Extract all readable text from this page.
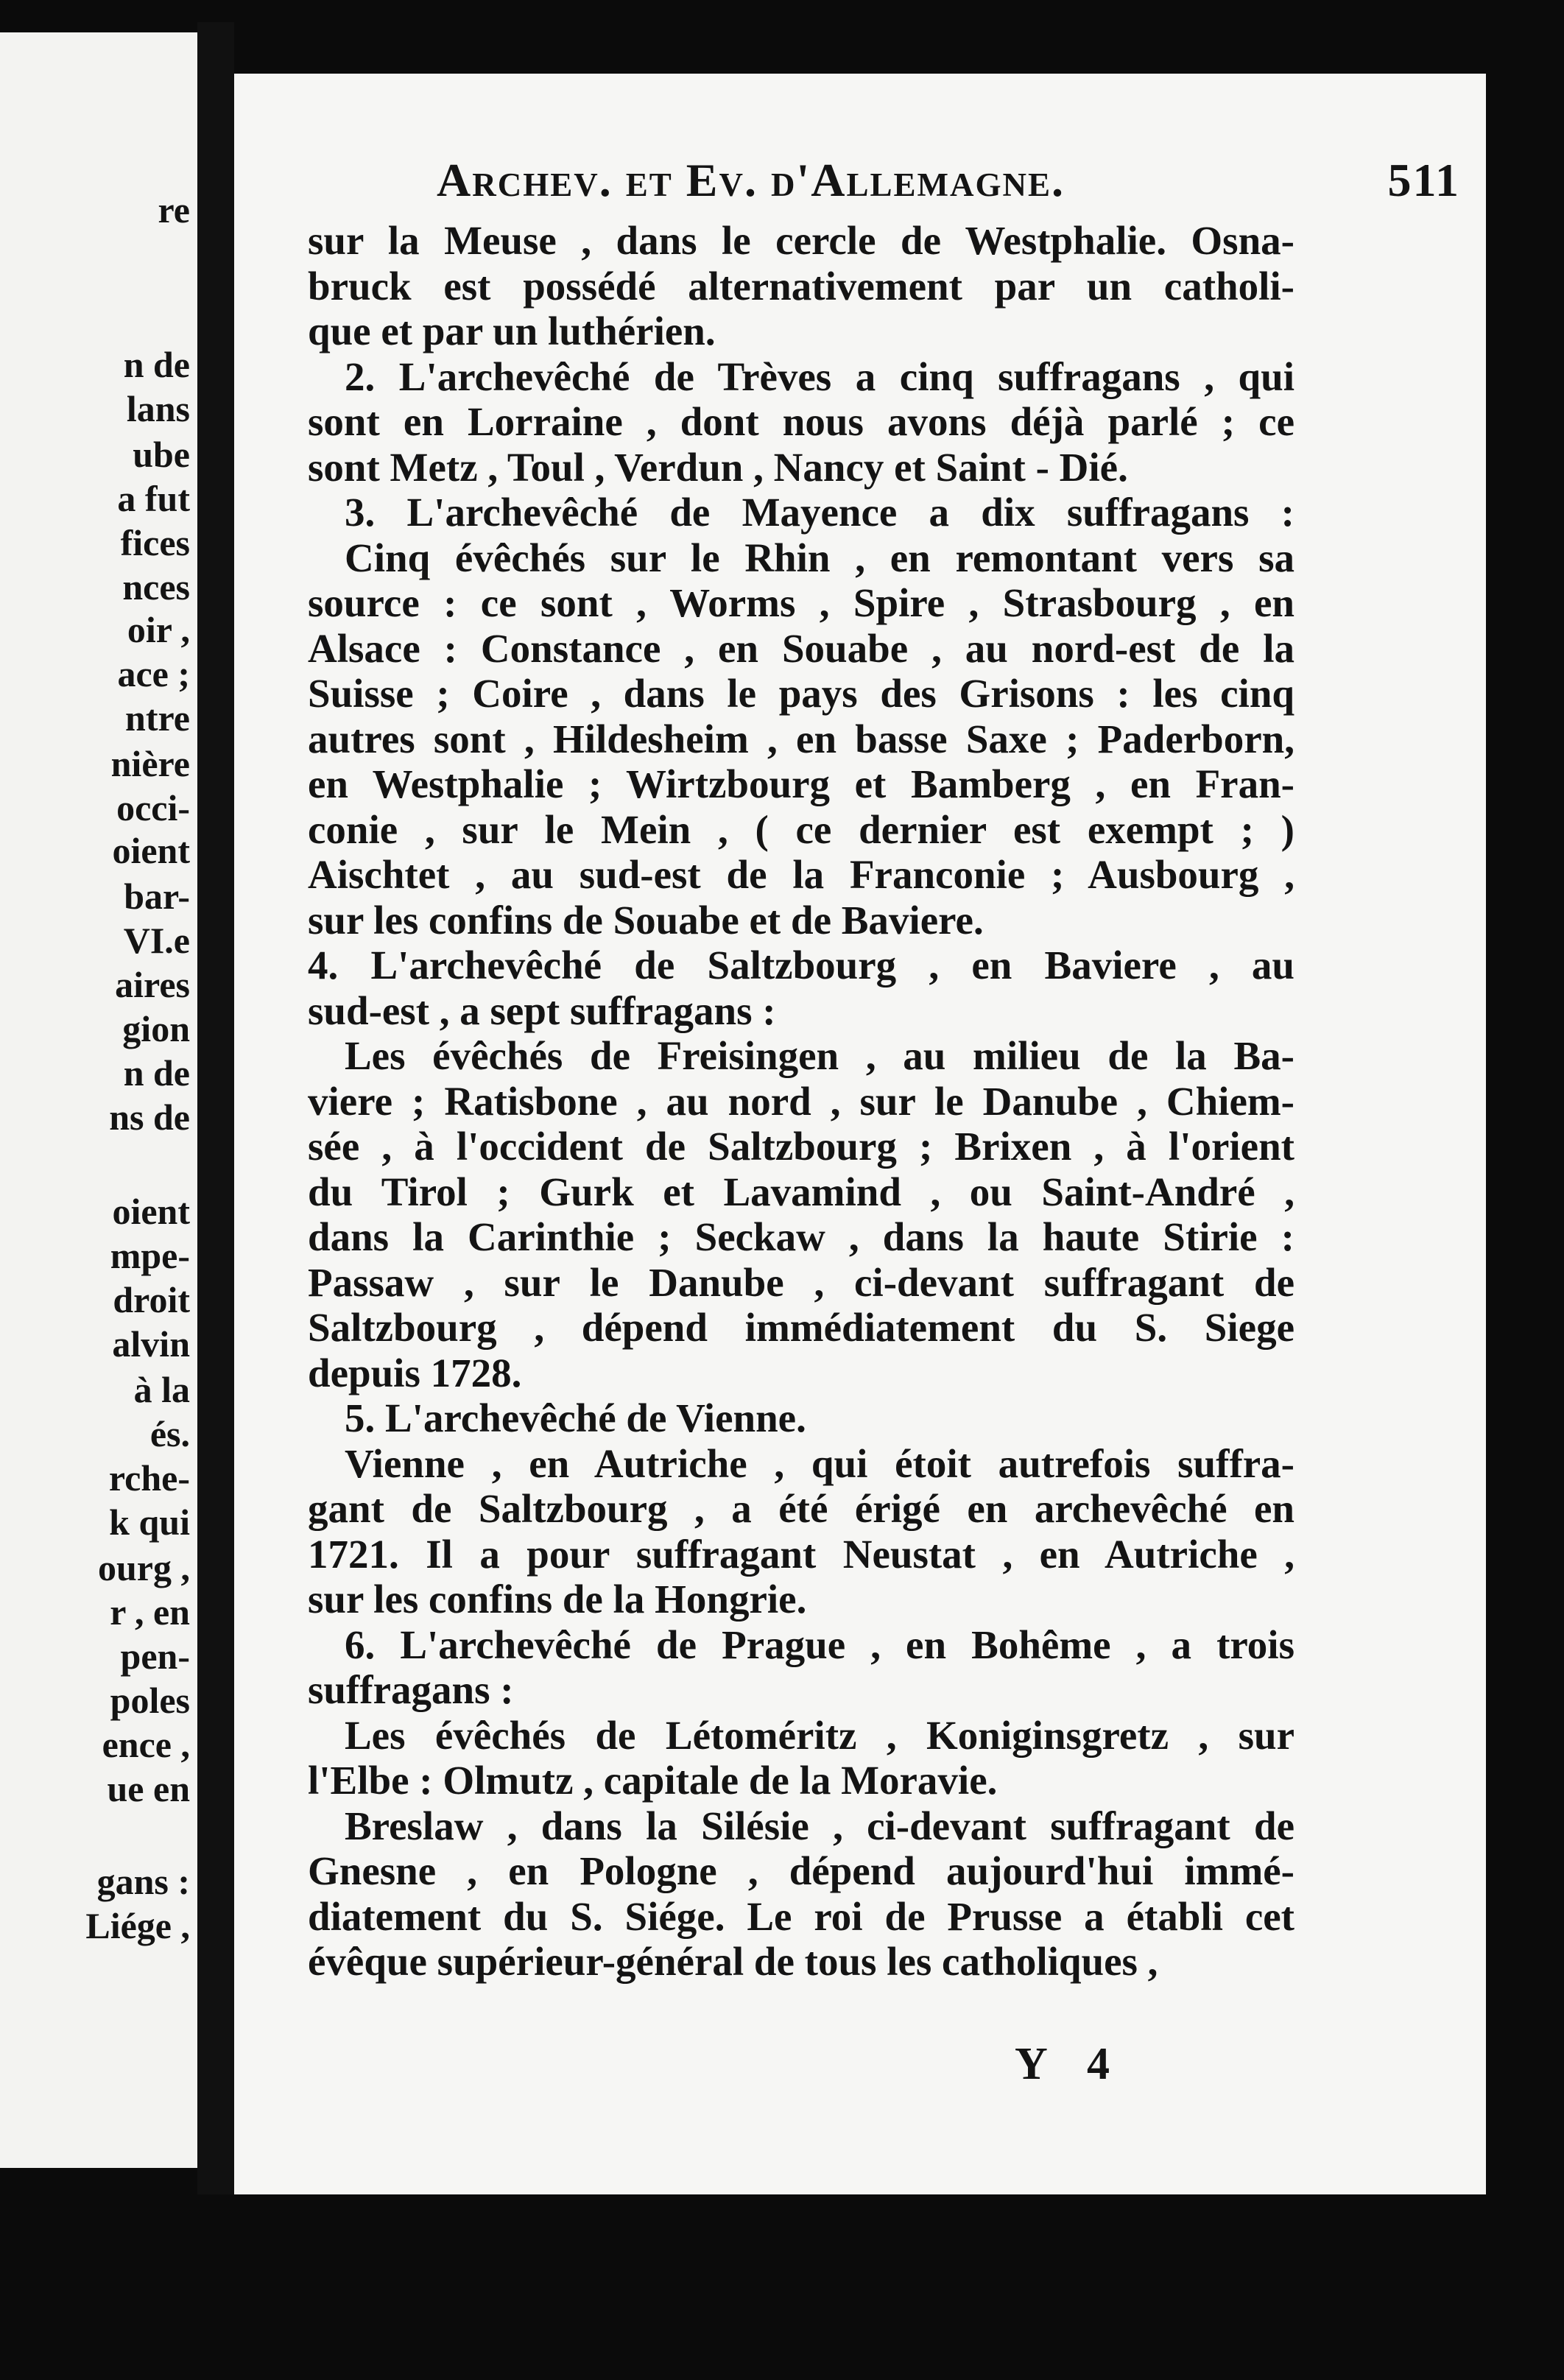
re
n de
lans
ube
a fut
fices
nces
oir ,
ace ;
ntre
nière
occi-
oient
bar-
VI.e
aires
gion
n de
ns de
oient
mpe-
droit
alvin
à la
és.
rche-
k qui
ourg ,
r , en
pen-
poles
ence ,
ue en
gans :
Liége ,
Archev. et Ev. d'Allemagne.	511
sur la Meuse , dans le cercle de Westphalie. Osna-
bruck est possédé alternativement par un catholi-
que et par un luthérien.
2. L'archevêché de Trèves a cinq suffragans , qui
sont en Lorraine , dont nous avons déjà parlé ; ce
sont Metz , Toul , Verdun , Nancy et Saint - Dié.
3. L'archevêché de Mayence a dix suffragans :
Cinq évêchés sur le Rhin , en remontant vers sa
source : ce sont , Worms , Spire , Strasbourg , en
Alsace : Constance , en Souabe , au nord-est de la
Suisse ; Coire , dans le pays des Grisons : les cinq
autres sont , Hildesheim , en basse Saxe ; Paderborn,
en Westphalie ; Wirtzbourg et Bamberg , en Fran-
conie , sur le Mein , ( ce dernier est exempt ; )
Aischtet , au sud-est de la Franconie ; Ausbourg ,
sur les confins de Souabe et de Baviere.
4. L'archevêché de Saltzbourg , en Baviere , au
sud-est , a sept suffragans :
Les évêchés de Freisingen , au milieu de la Ba-
viere ; Ratisbone , au nord , sur le Danube , Chiem-
sée , à l'occident de Saltzbourg ; Brixen , à l'orient
du Tirol ; Gurk et Lavamind , ou Saint-André ,
dans la Carinthie ; Seckaw , dans la haute Stirie :
Passaw , sur le Danube , ci-devant suffragant de
Saltzbourg , dépend immédiatement du S. Siege
depuis 1728.
5. L'archevêché de Vienne.
Vienne , en Autriche , qui étoit autrefois suffra-
gant de Saltzbourg , a été érigé en archevêché en
1721. Il a pour suffragant Neustat , en Autriche ,
sur les confins de la Hongrie.
6. L'archevêché de Prague , en Bohême , a trois
suffragans :
Les évêchés de Létoméritz , Koniginsgretz , sur
l'Elbe : Olmutz , capitale de la Moravie.
Breslaw , dans la Silésie , ci-devant suffragant de
Gnesne , en Pologne , dépend aujourd'hui immé-
diatement du S. Siége. Le roi de Prusse a établi cet
évêque supérieur-général de tous les catholiques ,
Y 4
